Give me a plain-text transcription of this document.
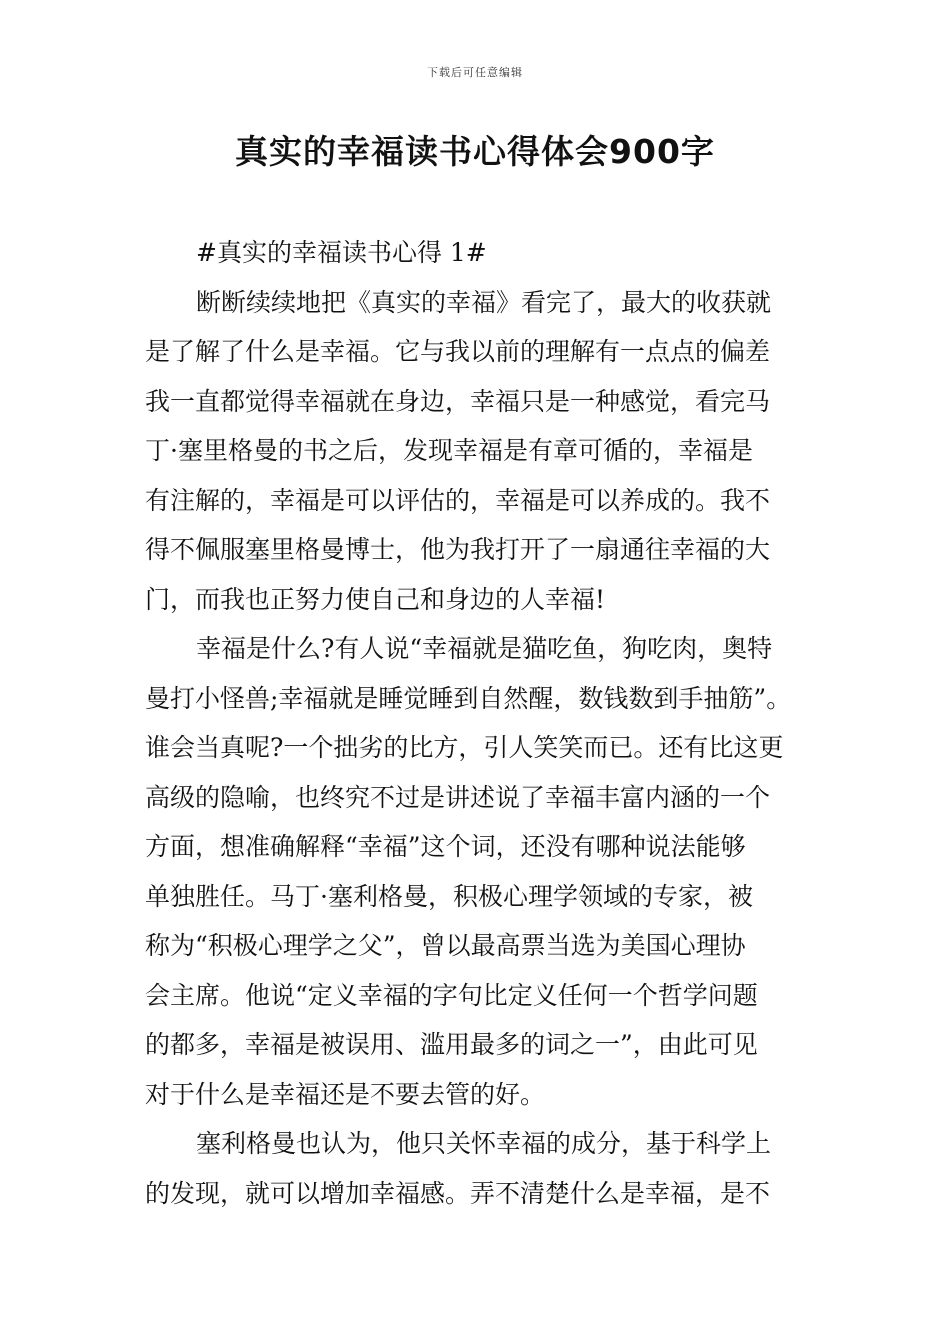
下载后可任意编辑
真实的幸福读书心得体会900字
#真实的幸福读书心得 1#
断断续续地把《真实的幸福》看完了，最大的收获就
是了解了什么是幸福。它与我以前的理解有一点点的偏差
我一直都觉得幸福就在身边，幸福只是一种感觉，看完马
丁·塞里格曼的书之后，发现幸福是有章可循的，幸福是
有注解的，幸福是可以评估的，幸福是可以养成的。我不
得不佩服塞里格曼博士，他为我打开了一扇通往幸福的大
门，而我也正努力使自己和身边的人幸福!
幸福是什么?有人说“幸福就是猫吃鱼，狗吃肉，奥特
曼打小怪兽;幸福就是睡觉睡到自然醒，数钱数到手抽筋”。
谁会当真呢?一个拙劣的比方，引人笑笑而已。还有比这更
高级的隐喻，也终究不过是讲述说了幸福丰富内涵的一个
方面，想准确解释“幸福”这个词，还没有哪种说法能够
单独胜任。马丁·塞利格曼，积极心理学领域的专家，被
称为“积极心理学之父”，曾以最高票当选为美国心理协
会主席。他说“定义幸福的字句比定义任何一个哲学问题
的都多，幸福是被误用、滥用最多的词之一”，由此可见
对于什么是幸福还是不要去管的好。
塞利格曼也认为，他只关怀幸福的成分，基于科学上
的发现，就可以增加幸福感。弄不清楚什么是幸福，是不
